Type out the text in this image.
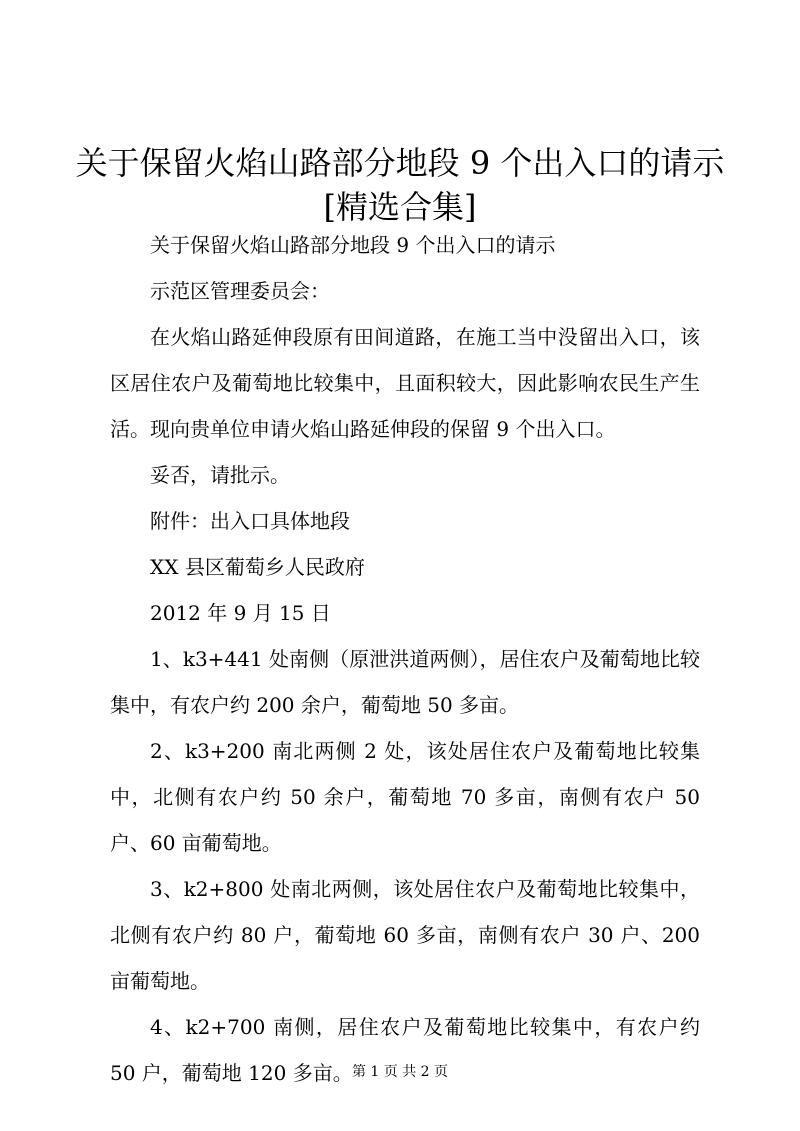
关于保留火焰山路部分地段 9 个出入口的请示
[精选合集]

关于保留火焰山路部分地段 9 个出入口的请示

示范区管理委员会：

在火焰山路延伸段原有田间道路，在施工当中没留出入口，该区居住农户及葡萄地比较集中，且面积较大，因此影响农民生产生活。现向贵单位申请火焰山路延伸段的保留 9 个出入口。

妥否，请批示。

附件：出入口具体地段

XX 县区葡萄乡人民政府

2012 年 9 月 15 日

1、k3+441 处南侧（原泄洪道两侧），居住农户及葡萄地比较集中，有农户约 200 余户，葡萄地 50 多亩。

2、k3+200 南北两侧 2 处，该处居住农户及葡萄地比较集中，北侧有农户约 50 余户，葡萄地 70 多亩，南侧有农户 50 户、60 亩葡萄地。

3、k2+800 处南北两侧，该处居住农户及葡萄地比较集中，北侧有农户约 80 户，葡萄地 60 多亩，南侧有农户 30 户、200 亩葡萄地。

4、k2+700 南侧，居住农户及葡萄地比较集中，有农户约 50 户，葡萄地 120 多亩。 第 1 页 共 2 页
